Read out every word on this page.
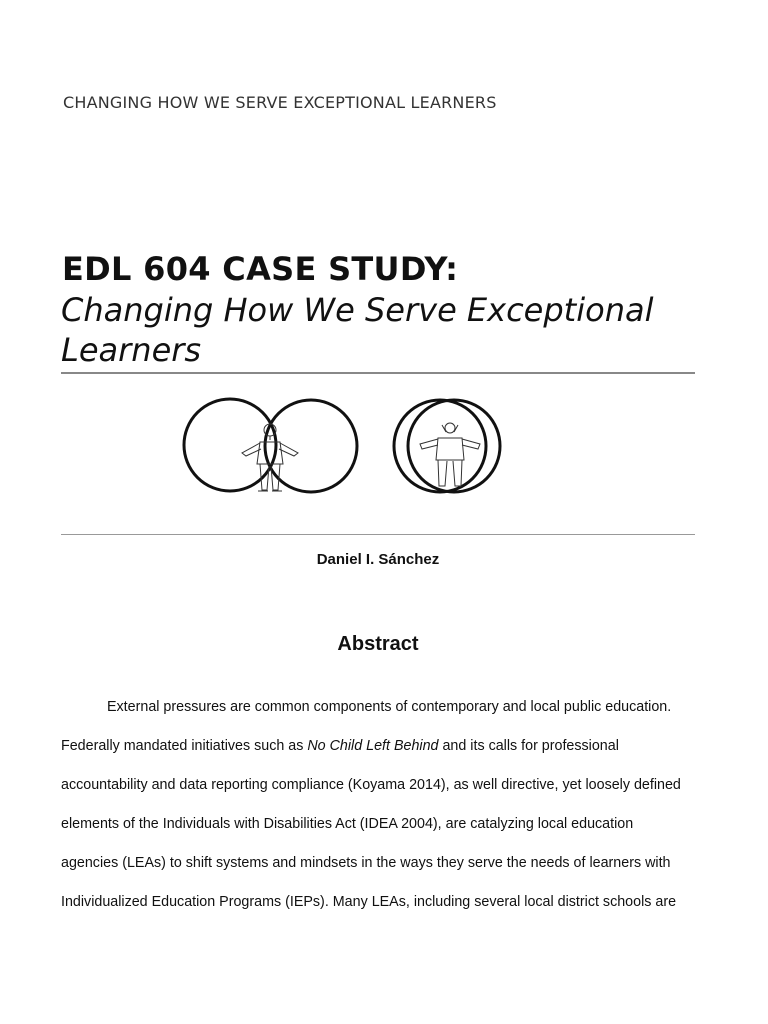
CHANGING HOW WE SERVE EXCEPTIONAL LEARNERS
EDL 604 CASE STUDY:
Changing How We Serve Exceptional
Learners
Daniel I. Sánchez
Abstract
External pressures are common components of contemporary and local public education.
Federally mandated initiatives such as No Child Left Behind and its calls for professional
accountability and data reporting compliance (Koyama 2014), as well directive, yet loosely defined
elements of the Individuals with Disabilities Act (IDEA 2004), are catalyzing local education
agencies (LEAs) to shift systems and mindsets in the ways they serve the needs of learners with
Individualized Education Programs (IEPs). Many LEAs, including several local district schools are
